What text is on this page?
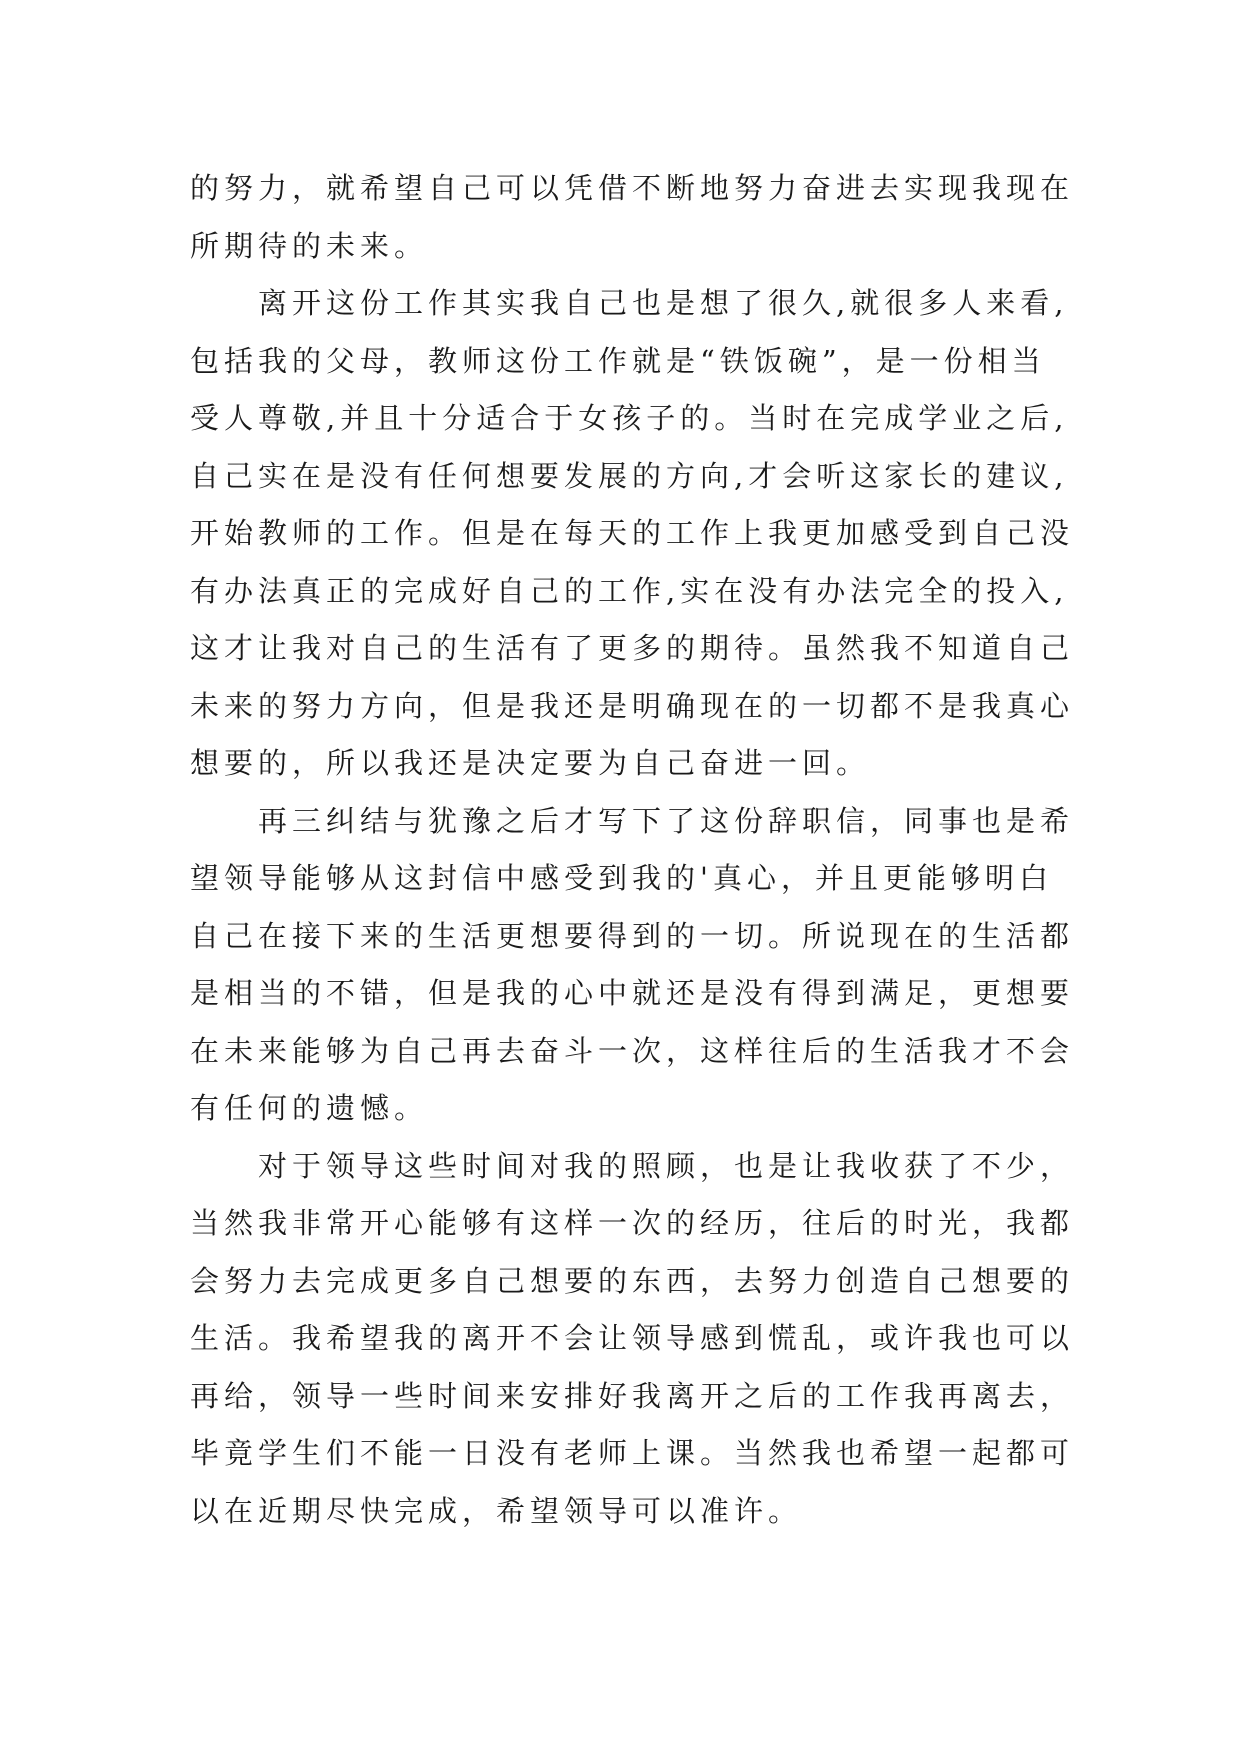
的努力，就希望自己可以凭借不断地努力奋进去实现我现在
所期待的未来。
离开这份工作其实我自己也是想了很久,就很多人来看,
包括我的父母，教师这份工作就是“铁饭碗”，是一份相当
受人尊敬,并且十分适合于女孩子的。当时在完成学业之后,
自己实在是没有任何想要发展的方向,才会听这家长的建议,
开始教师的工作。但是在每天的工作上我更加感受到自己没
有办法真正的完成好自己的工作,实在没有办法完全的投入,
这才让我对自己的生活有了更多的期待。虽然我不知道自己
未来的努力方向，但是我还是明确现在的一切都不是我真心
想要的，所以我还是决定要为自己奋进一回。
再三纠结与犹豫之后才写下了这份辞职信，同事也是希
望领导能够从这封信中感受到我的'真心，并且更能够明白
自己在接下来的生活更想要得到的一切。所说现在的生活都
是相当的不错，但是我的心中就还是没有得到满足，更想要
在未来能够为自己再去奋斗一次，这样往后的生活我才不会
有任何的遗憾。
对于领导这些时间对我的照顾，也是让我收获了不少，
当然我非常开心能够有这样一次的经历，往后的时光，我都
会努力去完成更多自己想要的东西，去努力创造自己想要的
生活。我希望我的离开不会让领导感到慌乱，或许我也可以
再给，领导一些时间来安排好我离开之后的工作我再离去，
毕竟学生们不能一日没有老师上课。当然我也希望一起都可
以在近期尽快完成，希望领导可以准许。
